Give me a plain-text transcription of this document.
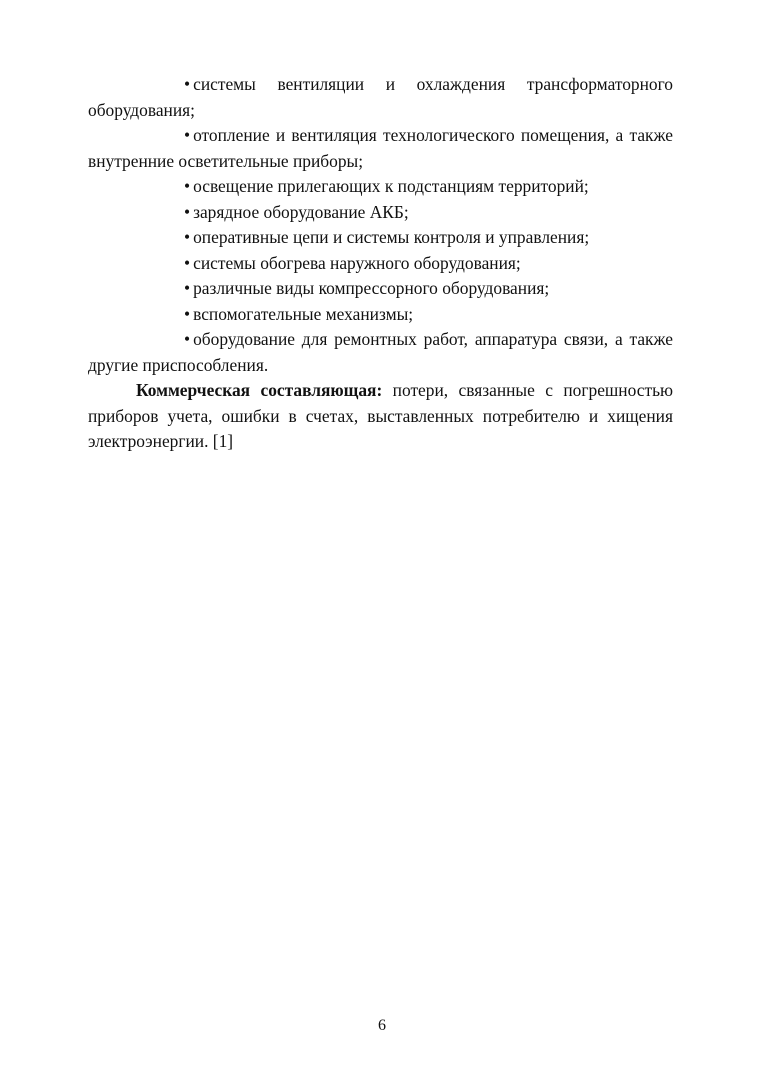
• системы вентиляции и охлаждения трансформаторного оборудования;

• отопление и вентиляция технологического помещения, а также внутренние осветительные приборы;

• освещение прилегающих к подстанциям территорий;

• зарядное оборудование АКБ;

• оперативные цепи и системы контроля и управления;

• системы обогрева наружного оборудования;

• различные виды компрессорного оборудования;

• вспомогательные механизмы;

• оборудование для ремонтных работ, аппаратура связи, а также другие приспособления.

Коммерческая составляющая: потери, связанные с погрешностью приборов учета, ошибки в счетах, выставленных потребителю и хищения электроэнергии. [1]

6
